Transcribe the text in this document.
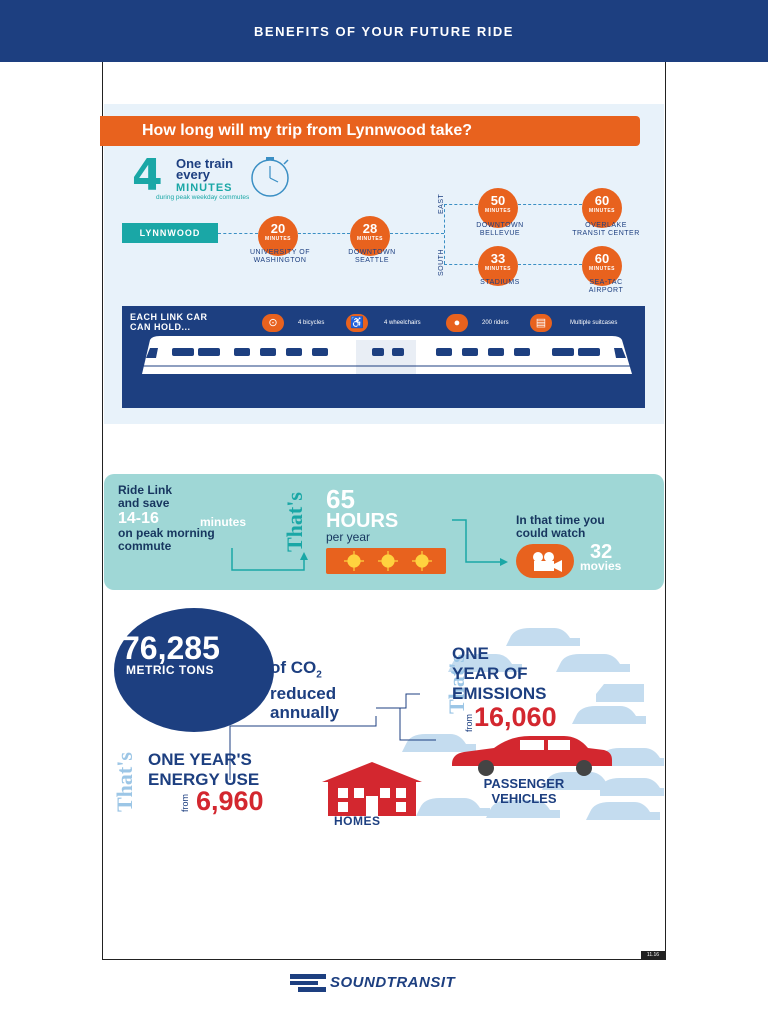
BENEFITS OF YOUR FUTURE RIDE
How long will my trip from Lynnwood take?
4 One train
every
MINUTES
during peak weekday commutes
LYNNWOOD
EAST
SOUTH
20
MINUTES
UNIVERSITY OF
WASHINGTON
28
MINUTES
DOWNTOWN
SEATTLE
50
MINUTES
DOWNTOWN
BELLEVUE
60
MINUTES
OVERLAKE
TRANSIT CENTER
33
MINUTES
STADIUMS
60
MINUTES
SEA-TAC
AIRPORT
EACH LINK CAR
CAN HOLD...	⊙	4 bicycles	♿	4 wheelchairs	●	200 riders	▤	Multiple suitcases
Ride Link
and save
14-16	minutes
on peak morning
commute	That's 65
HOURS
per year
In that time you
could watch
32
movies
76,285
METRIC TONS	of $CO_2$
reduced
annually	That's
ONE
YEAR OF
EMISSIONS
from 16,060
PASSENGER
VEHICLES
That's ONE YEAR'S
ENERGY USE
from 6,960
HOMES
11.16
SOUNDTRANSIT
